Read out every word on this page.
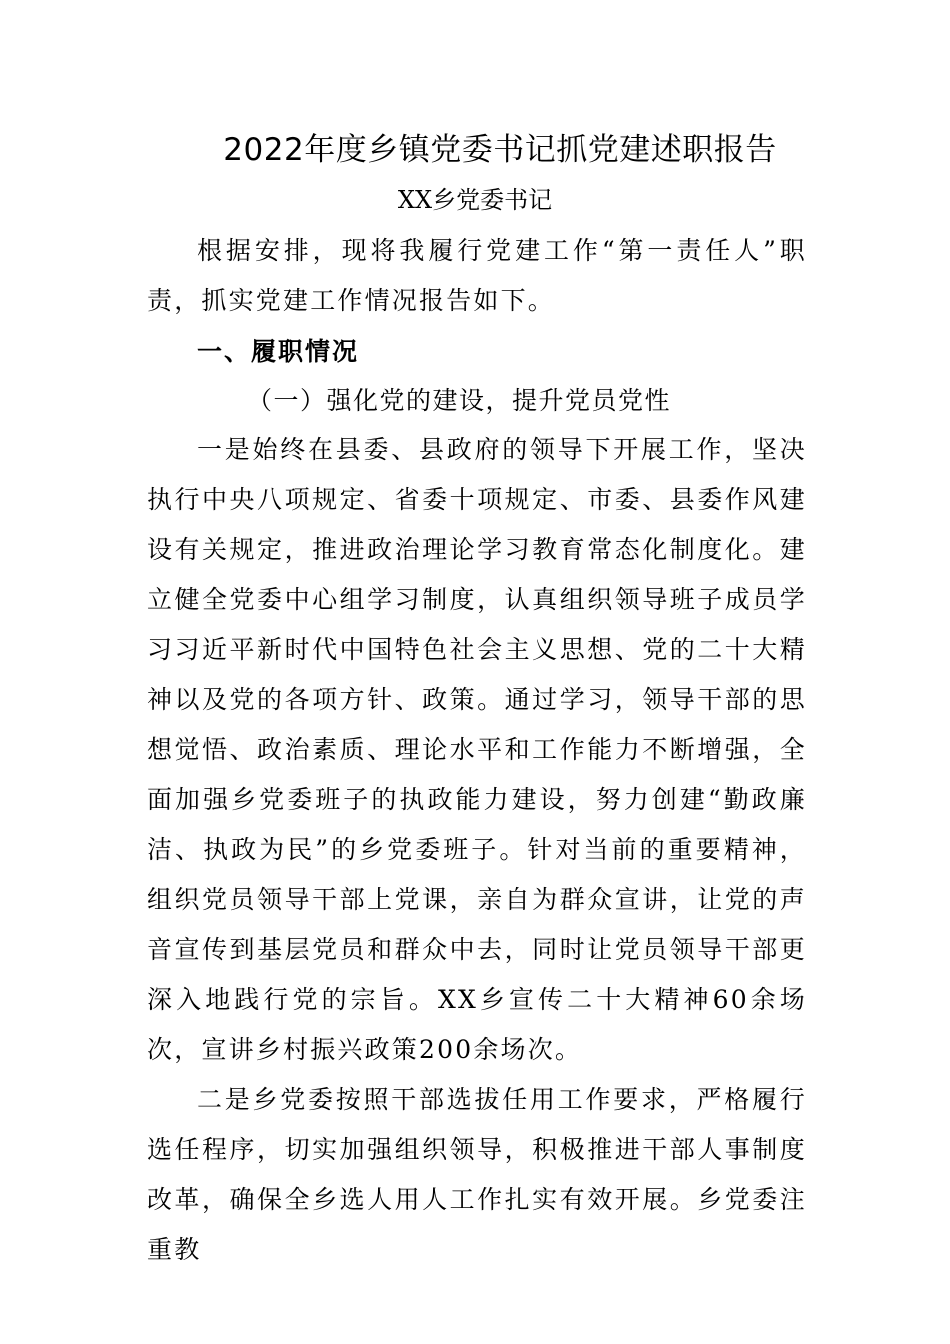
2022年度乡镇党委书记抓党建述职报告
XX乡党委书记

根据安排，现将我履行党建工作“第一责任人”职责，抓实党建工作情况报告如下。

一、履职情况
（一）强化党的建设，提升党员党性

一是始终在县委、县政府的领导下开展工作，坚决执行中央八项规定、省委十项规定、市委、县委作风建设有关规定，推进政治理论学习教育常态化制度化。建立健全党委中心组学习制度，认真组织领导班子成员学习习近平新时代中国特色社会主义思想、党的二十大精神以及党的各项方针、政策。通过学习，领导干部的思想觉悟、政治素质、理论水平和工作能力不断增强，全面加强乡党委班子的执政能力建设，努力创建“勤政廉洁、执政为民”的乡党委班子。针对当前的重要精神，组织党员领导干部上党课，亲自为群众宣讲，让党的声音宣传到基层党员和群众中去，同时让党员领导干部更深入地践行党的宗旨。XX乡宣传二十大精神60余场次，宣讲乡村振兴政策200余场次。

二是乡党委按照干部选拔任用工作要求，严格履行选任程序，切实加强组织领导，积极推进干部人事制度改革，确保全乡选人用人工作扎实有效开展。乡党委注重教
